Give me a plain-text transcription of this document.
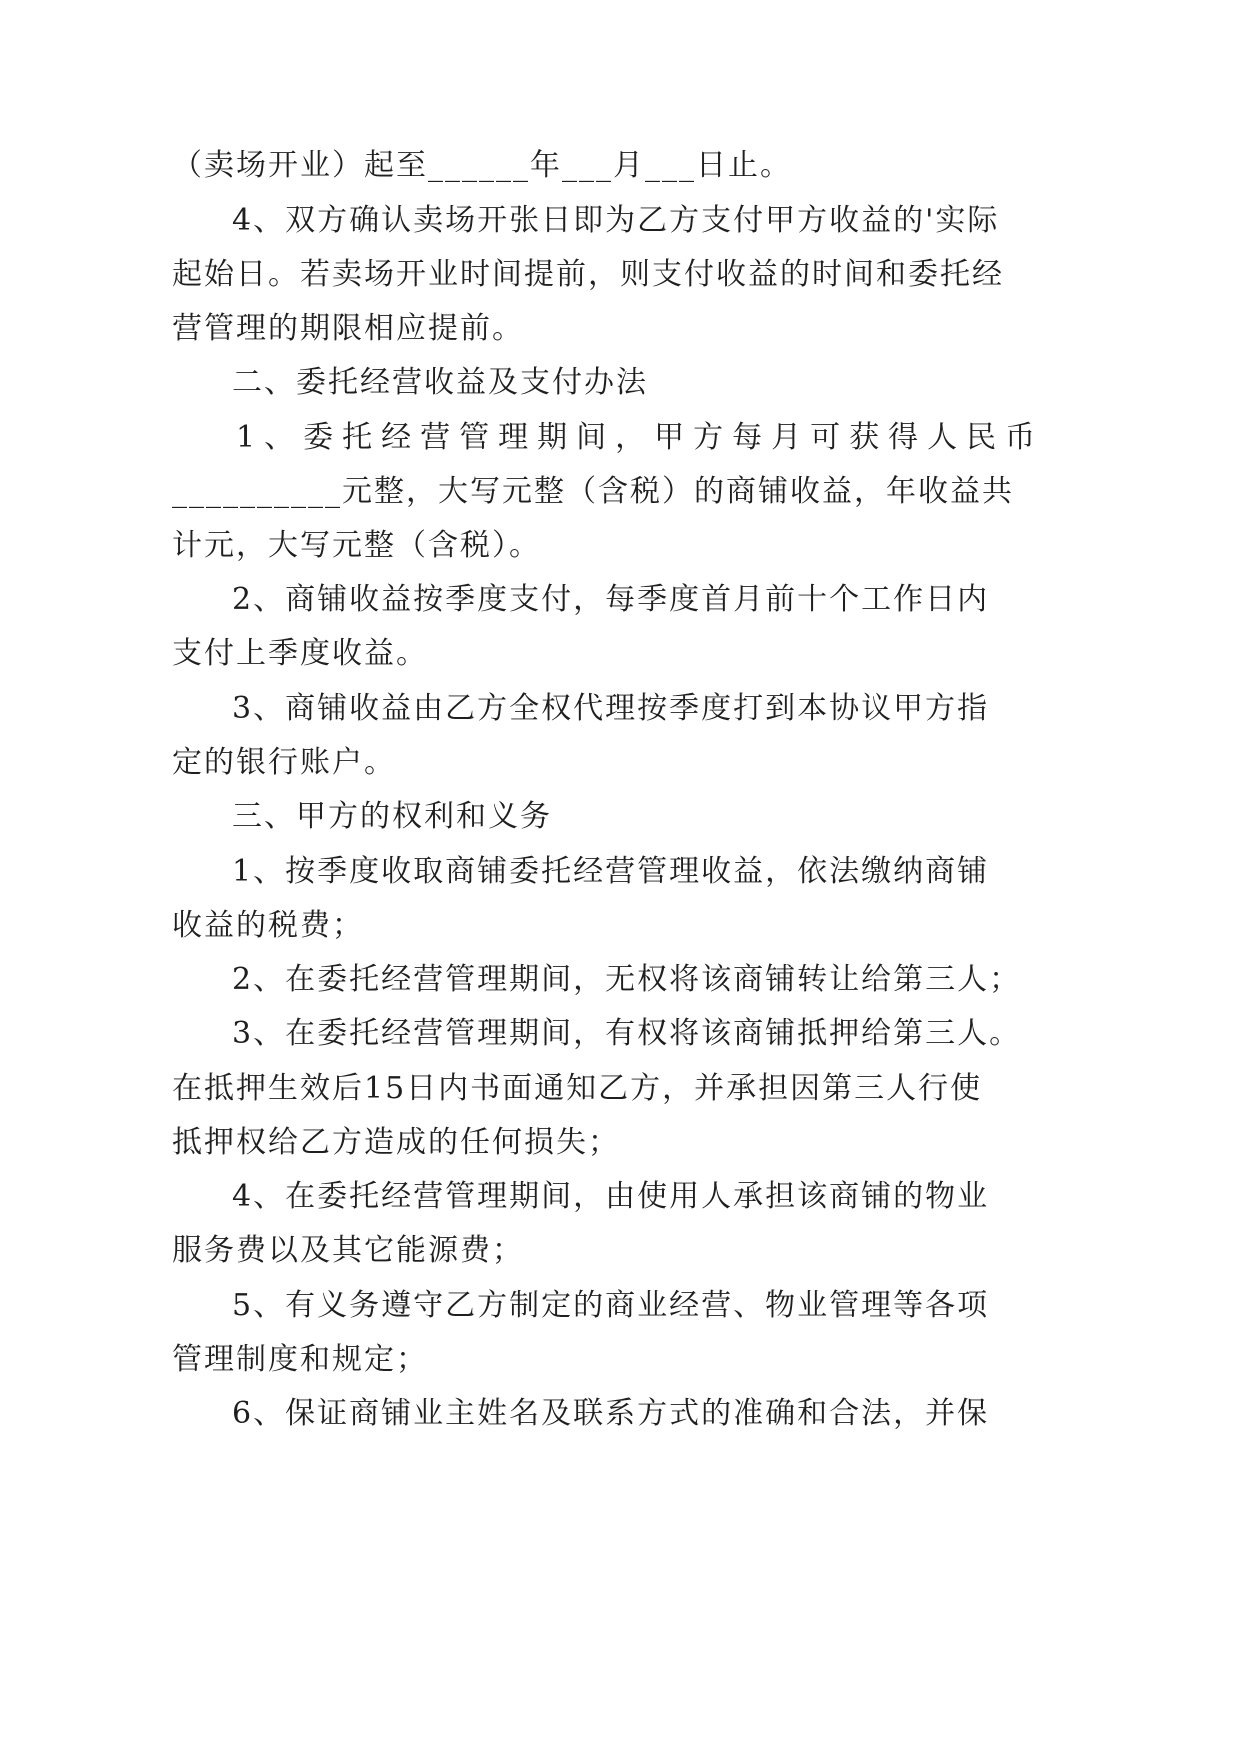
（卖场开业）起至______年___月___日止。
4、双方确认卖场开张日即为乙方支付甲方收益的'实际
起始日。若卖场开业时间提前，则支付收益的时间和委托经
营管理的期限相应提前。
二、委托经营收益及支付办法
1、委托经营管理期间，甲方每月可获得人民币
__________元整，大写元整（含税）的商铺收益，年收益共
计元，大写元整（含税）。
2、商铺收益按季度支付，每季度首月前十个工作日内
支付上季度收益。
3、商铺收益由乙方全权代理按季度打到本协议甲方指
定的银行账户。
三、甲方的权利和义务
1、按季度收取商铺委托经营管理收益，依法缴纳商铺
收益的税费；
2、在委托经营管理期间，无权将该商铺转让给第三人；
3、在委托经营管理期间，有权将该商铺抵押给第三人。
在抵押生效后15日内书面通知乙方，并承担因第三人行使
抵押权给乙方造成的任何损失；
4、在委托经营管理期间，由使用人承担该商铺的物业
服务费以及其它能源费；
5、有义务遵守乙方制定的商业经营、物业管理等各项
管理制度和规定；
6、保证商铺业主姓名及联系方式的准确和合法，并保
